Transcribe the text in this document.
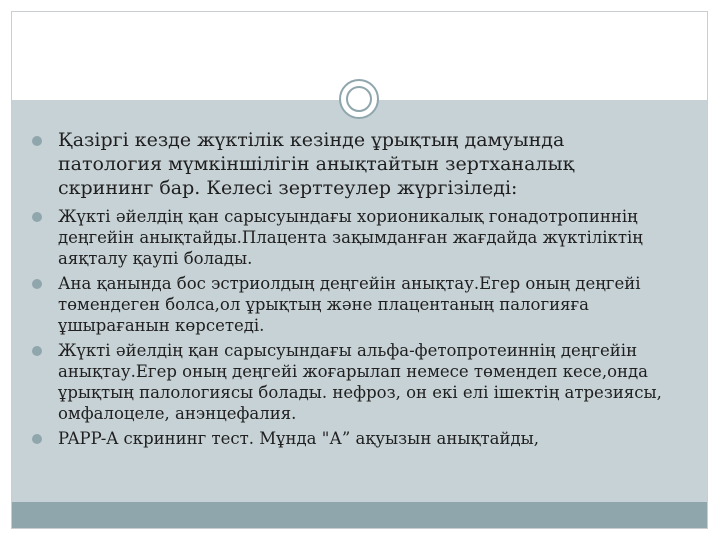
Қазіргі кезде жүктілік кезінде ұрықтың дамуында патология мүмкіншілігін анықтайтын зертханалық скрининг бар. Келесі зерттеулер жүргізіледі:
Жүкті әйелдің қан сарысуындағы хорионикалық гонадотропиннің деңгейін анықтайды.Плацента зақымданған жағдайда жүктіліктің аяқталу қаупі болады.
Ана қанында бос эстриолдың деңгейін анықтау.Егер оның деңгейі төмендеген болса,ол ұрықтың және плацентаның палогияға ұшырағанын көрсетеді.
Жүкті әйелдің қан сарысуындағы альфа-фетопротеиннің деңгейін анықтау.Егер оның деңгейі жоғарылап немесе төмендеп кесе,онда ұрықтың палологиясы болады. нефроз, он екі елі ішектің атрезиясы, омфалоцеле, анэнцефалия.
PAPP-A скрининг тест. Мұнда "А” ақуызын анықтайды,
